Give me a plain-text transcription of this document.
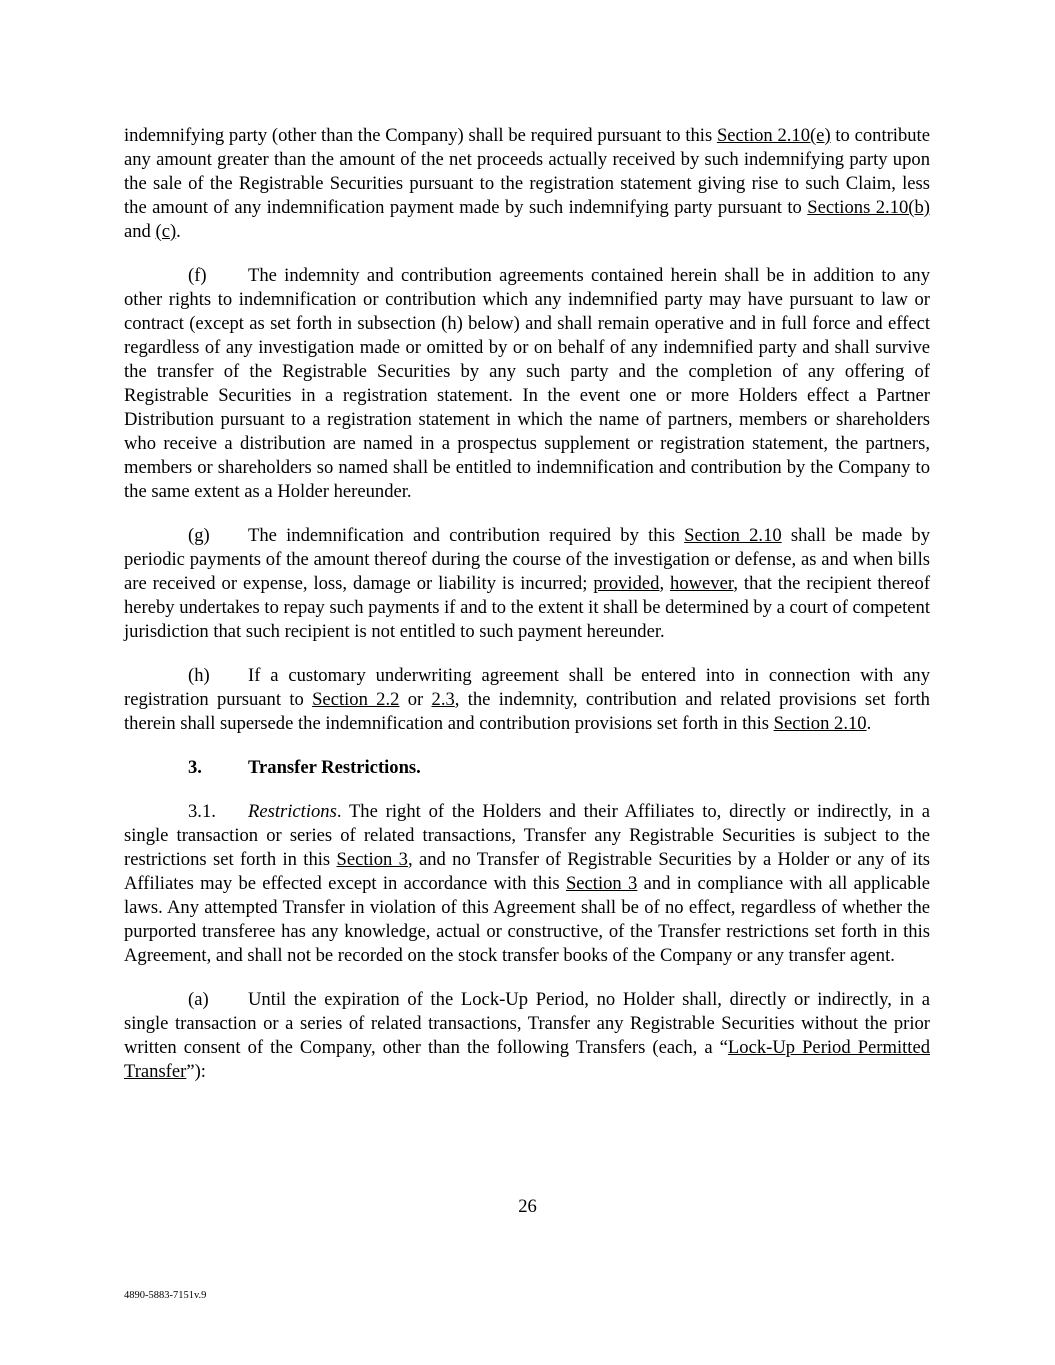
indemnifying party (other than the Company) shall be required pursuant to this Section 2.10(e) to contribute any amount greater than the amount of the net proceeds actually received by such indemnifying party upon the sale of the Registrable Securities pursuant to the registration statement giving rise to such Claim, less the amount of any indemnification payment made by such indemnifying party pursuant to Sections 2.10(b) and (c).

(f) The indemnity and contribution agreements contained herein shall be in addition to any other rights to indemnification or contribution which any indemnified party may have pursuant to law or contract (except as set forth in subsection (h) below) and shall remain operative and in full force and effect regardless of any investigation made or omitted by or on behalf of any indemnified party and shall survive the transfer of the Registrable Securities by any such party and the completion of any offering of Registrable Securities in a registration statement. In the event one or more Holders effect a Partner Distribution pursuant to a registration statement in which the name of partners, members or shareholders who receive a distribution are named in a prospectus supplement or registration statement, the partners, members or shareholders so named shall be entitled to indemnification and contribution by the Company to the same extent as a Holder hereunder.

(g) The indemnification and contribution required by this Section 2.10 shall be made by periodic payments of the amount thereof during the course of the investigation or defense, as and when bills are received or expense, loss, damage or liability is incurred; provided, however, that the recipient thereof hereby undertakes to repay such payments if and to the extent it shall be determined by a court of competent jurisdiction that such recipient is not entitled to such payment hereunder.

(h) If a customary underwriting agreement shall be entered into in connection with any registration pursuant to Section 2.2 or 2.3, the indemnity, contribution and related provisions set forth therein shall supersede the indemnification and contribution provisions set forth in this Section 2.10.

3. Transfer Restrictions.

3.1. Restrictions. The right of the Holders and their Affiliates to, directly or indirectly, in a single transaction or series of related transactions, Transfer any Registrable Securities is subject to the restrictions set forth in this Section 3, and no Transfer of Registrable Securities by a Holder or any of its Affiliates may be effected except in accordance with this Section 3 and in compliance with all applicable laws. Any attempted Transfer in violation of this Agreement shall be of no effect, regardless of whether the purported transferee has any knowledge, actual or constructive, of the Transfer restrictions set forth in this Agreement, and shall not be recorded on the stock transfer books of the Company or any transfer agent.

(a) Until the expiration of the Lock-Up Period, no Holder shall, directly or indirectly, in a single transaction or a series of related transactions, Transfer any Registrable Securities without the prior written consent of the Company, other than the following Transfers (each, a “Lock-Up Period Permitted Transfer”):

26
4890-5883-7151v.9
